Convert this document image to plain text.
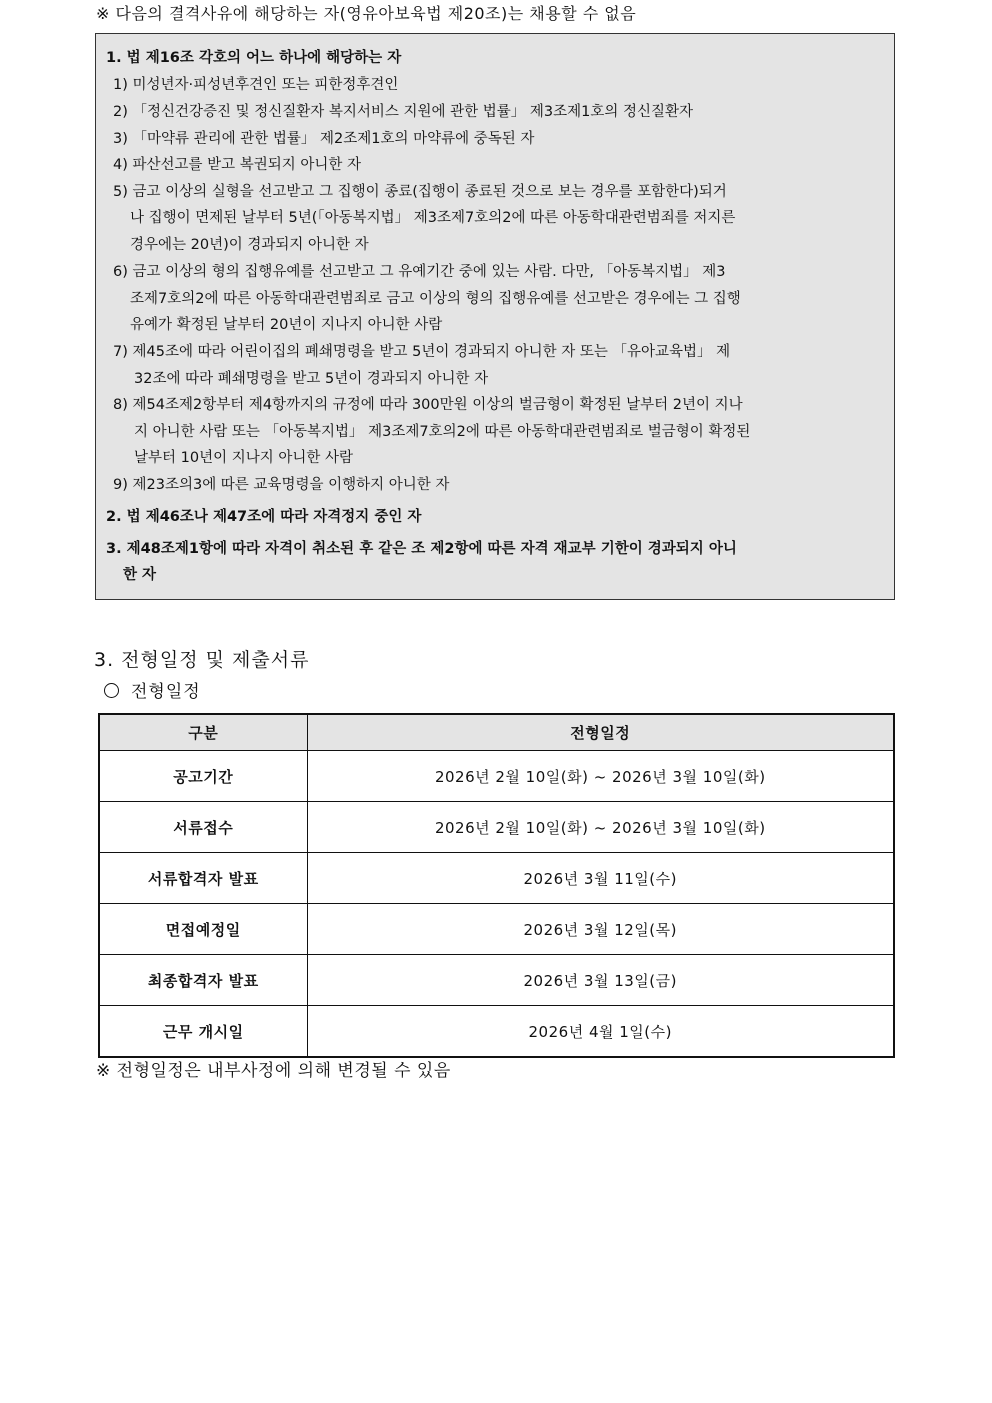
※ 다음의 결격사유에 해당하는 자(영유아보육법 제20조)는 채용할 수 없음
1. 법 제16조 각호의 어느 하나에 해당하는 자
1) 미성년자·피성년후견인 또는 피한정후견인
2) 「정신건강증진 및 정신질환자 복지서비스 지원에 관한 법률」 제3조제1호의 정신질환자
3) 「마약류 관리에 관한 법률」 제2조제1호의 마약류에 중독된 자
4) 파산선고를 받고 복권되지 아니한 자
5) 금고 이상의 실형을 선고받고 그 집행이 종료(집행이 종료된 것으로 보는 경우를 포함한다)되거
나 집행이 면제된 날부터 5년(「아동복지법」 제3조제7호의2에 따른 아동학대관련범죄를 저지른
경우에는 20년)이 경과되지 아니한 자
6) 금고 이상의 형의 집행유예를 선고받고 그 유예기간 중에 있는 사람. 다만, 「아동복지법」 제3
조제7호의2에 따른 아동학대관련범죄로 금고 이상의 형의 집행유예를 선고받은 경우에는 그 집행
유예가 확정된 날부터 20년이 지나지 아니한 사람
7) 제45조에 따라 어린이집의 폐쇄명령을 받고 5년이 경과되지 아니한 자 또는 「유아교육법」 제
32조에 따라 폐쇄명령을 받고 5년이 경과되지 아니한 자
8) 제54조제2항부터 제4항까지의 규정에 따라 300만원 이상의 벌금형이 확정된 날부터 2년이 지나
지 아니한 사람 또는 「아동복지법」 제3조제7호의2에 따른 아동학대관련범죄로 벌금형이 확정된
날부터 10년이 지나지 아니한 사람
9) 제23조의3에 따른 교육명령을 이행하지 아니한 자
2. 법 제46조나 제47조에 따라 자격정지 중인 자
3. 제48조제1항에 따라 자격이 취소된 후 같은 조 제2항에 따른 자격 재교부 기한이 경과되지 아니
한 자
3. 전형일정 및 제출서류
전형일정
구분	전형일정
공고기간	2026년 2월 10일(화) ~ 2026년 3월 10일(화)
서류접수	2026년 2월 10일(화) ~ 2026년 3월 10일(화)
서류합격자 발표	2026년 3월 11일(수)
면접예정일	2026년 3월 12일(목)
최종합격자 발표	2026년 3월 13일(금)
근무 개시일	2026년 4월 1일(수)
※ 전형일정은 내부사정에 의해 변경될 수 있음
